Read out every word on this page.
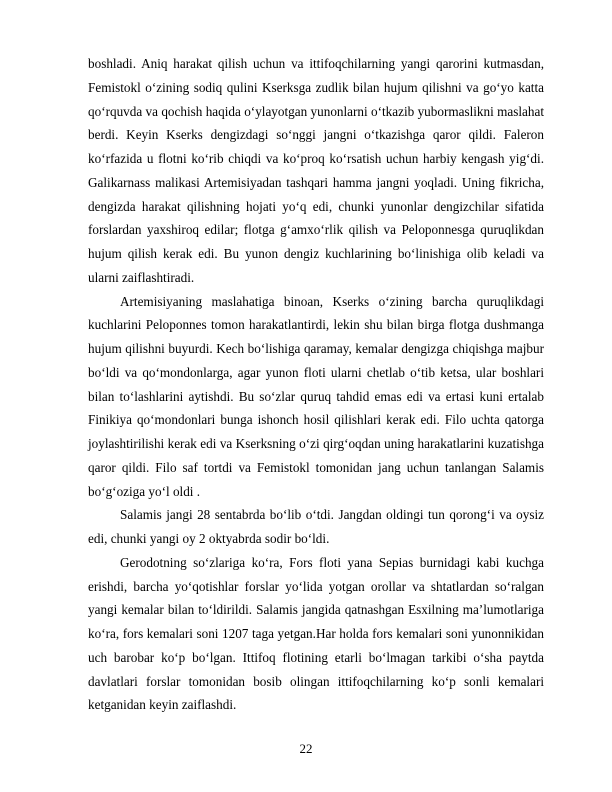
boshladi. Aniq harakat qilish uchun va ittifoqchilarning yangi qarorini kutmasdan, Femistokl o‘zining sodiq qulini Kserksga zudlik bilan hujum qilishni va go‘yo katta qo‘rquvda va qochish haqida o‘ylayotgan yunonlarni o‘tkazib yubormaslikni maslahat berdi. Keyin Kserks dengizdagi so‘nggi jangni o‘tkazishga qaror qildi. Faleron ko‘rfazida u flotni ko‘rib chiqdi va ko‘proq ko‘rsatish uchun harbiy kengash yig‘di. Galikarnass malikasi Artemisiyadan tashqari hamma jangni yoqladi. Uning fikricha, dengizda harakat qilishning hojati yo‘q edi, chunki yunonlar dengizchilar sifatida forslardan yaxshiroq edilar; flotga g‘amxo‘rlik qilish va Peloponnesga quruqlikdan hujum qilish kerak edi. Bu yunon dengiz kuchlarining bo‘linishiga olib keladi va ularni zaiflashtiradi.

Artemisiyaning maslahatiga binoan, Kserks o‘zining barcha quruqlikdagi kuchlarini Peloponnes tomon harakatlantirdi, lekin shu bilan birga flotga dushmanga hujum qilishni buyurdi. Kech bo‘lishiga qaramay, kemalar dengizga chiqishga majbur bo‘ldi va qo‘mondonlarga, agar yunon floti ularni chetlab o‘tib ketsa, ular boshlari bilan to‘lashlarini aytishdi. Bu so‘zlar quruq tahdid emas edi va ertasi kuni ertalab Finikiya qo‘mondonlari bunga ishonch hosil qilishlari kerak edi. Filo uchta qatorga joylashtirilishi kerak edi va Kserksning o‘zi qirg‘oqdan uning harakatlarini kuzatishga qaror qildi. Filo saf tortdi va Femistokl tomonidan jang uchun tanlangan Salamis bo‘g‘oziga yo‘l oldi .

Salamis jangi 28 sentabrda bo‘lib o‘tdi. Jangdan oldingi tun qorong‘i va oysiz edi, chunki yangi oy 2 oktyabrda sodir bo‘ldi.

Gerodotning so‘zlariga ko‘ra, Fors floti yana Sepias burnidagi kabi kuchga erishdi, barcha yo‘qotishlar forslar yo‘lida yotgan orollar va shtatlardan so‘ralgan yangi kemalar bilan to‘ldirildi. Salamis jangida qatnashgan Esxilning ma’lumotlariga ko‘ra, fors kemalari soni 1207 taga yetgan.Har holda fors kemalari soni yunonnikidan uch barobar ko‘p bo‘lgan. Ittifoq flotining etarli bo‘lmagan tarkibi o‘sha paytda davlatlari forslar tomonidan bosib olingan ittifoqchilarning ko‘p sonli kemalari ketganidan keyin zaiflashdi.

22
